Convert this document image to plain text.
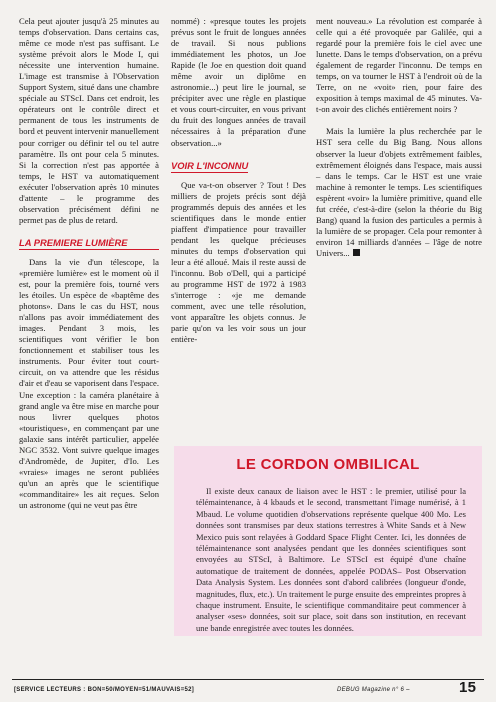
Cela peut ajouter jusqu'à 25 minutes au temps d'observation. Dans certains cas, même ce mode n'est pas suffisant. Le système prévoit alors le Mode I, qui nécessite une intervention humaine. L'image est transmise à l'Observation Support System, situé dans une chambre spéciale au STScI. Dans cet endroit, les opérateurs ont le contrôle direct et permanent de tous les instruments de bord et peuvent intervenir manuellement pour corriger ou définir tel ou tel autre paramètre. Ils ont pour cela 5 minutes. Si la correction n'est pas apportée à temps, le HST va automatiquement exécuter l'observation après 10 minutes d'attente – le programme des observation précisément défini ne permet pas de plus de retard.

LA PREMIERE LUMIÈRE

Dans la vie d'un télescope, la «première lumière» est le moment où il est, pour la première fois, tourné vers les étoiles. Un espèce de «baptême des photons». Dans le cas du HST, nous n'allons pas avoir immédiatement des images. Pendant 3 mois, les scientifiques vont vérifier le bon fonctionnement et stabiliser tous les instruments. Pour éviter tout court-circuit, on va attendre que les résidus d'air et d'eau se vaporisent dans l'espace. Une exception : la caméra planétaire à grand angle va être mise en marche pour nous livrer quelques photos «touristiques», en commençant par une galaxie sans intérêt particulier, appelée NGC 3532. Vont suivre quelque images d'Andromède, de Jupiter, d'Io. Les «vraies» images ne seront publiées qu'un an après que le scientifique «commanditaire» les ait reçues. Selon un astronome (qui ne veut pas être

nommé) : «presque toutes les projets prévus sont le fruit de longues années de travail. Si nous publions immédiatement les photos, un Joe Rapide (le Joe en question doit quand même avoir un diplôme en astronomie...) peut lire le journal, se précipiter avec une règle en plastique et vous court-circuiter, en vous privant du fruit des longues années de travail nécessaires à la préparation d'une observation...»

VOIR L'INCONNU

Que va-t-on observer ? Tout ! Des milliers de projets précis sont déjà programmés depuis des années et les scientifiques dans le monde entier piaffent d'impatience pour travailler pendant les quelque précieuses minutes du temps d'observation qui leur a été alloué. Mais il reste aussi de l'inconnu. Bob o'Dell, qui a participé au programme HST de 1972 à 1983 s'interroge : «je me demande comment, avec une telle résolution, vont apparaître les objets connus. Je parie qu'on va les voir sous un jour entière-

ment nouveau.» La révolution est comparée à celle qui a été provoquée par Galilée, qui a regardé pour la première fois le ciel avec une lunette. Dans le temps d'observation, on a prévu également de regarder l'inconnu. De temps en temps, on va tourner le HST à l'endroit où de la Terre, on ne «voit» rien, pour faire des exposition à temps maximal de 45 minutes. Va-t-on avoir des clichés entièrement noirs ?

Mais la lumière la plus recherchée par le HST sera celle du Big Bang. Nous allons observer la lueur d'objets extrêmement faibles, extrêmement éloignés dans l'espace, mais aussi – dans le temps. Car le HST est une vraie machine à remonter le temps. Les scientifiques espèrent «voir» la lumière primitive, quand elle fut créée, c'est-à-dire (selon la théorie du Big Bang) quand la fusion des particules a permis à la lumière de se propager. Cela pour remonter à environ 14 milliards d'années – l'âge de notre Univers...

LE CORDON OMBILICAL

Il existe deux canaux de liaison avec le HST : le premier, utilisé pour la télémaintenance, à 4 kbauds et le second, transmettant l'image numérisé, à 1 Mbaud. Le volume quotidien d'observations représente quelque 400 Mo. Les données sont transmises par deux stations terrestres à White Sands et à New Mexico puis sont relayées à Goddard Space Flight Center. Ici, les données de télémaintenance sont analysées pendant que les données scientifiques sont envoyées au STScI, à Baltimore. Le STScI est équipé d'une chaîne automatique de traitement de données, appelée PODAS– Post Observation Data Analysis System. Les données sont d'abord calibrées (longueur d'onde, magnitudes, flux, etc.). Un traitement le purge ensuite des empreintes propres à chaque instrument. Ensuite, le scientifique commanditaire peut commencer à analyser «ses» données, soit sur place, soit dans son institution, en recevant une bande enregistrée avec toutes les données.

[SERVICE LECTEURS : BON=50/MOYEN=51/MAUVAIS=52]	DEBUG Magazine n° 6 –	15
